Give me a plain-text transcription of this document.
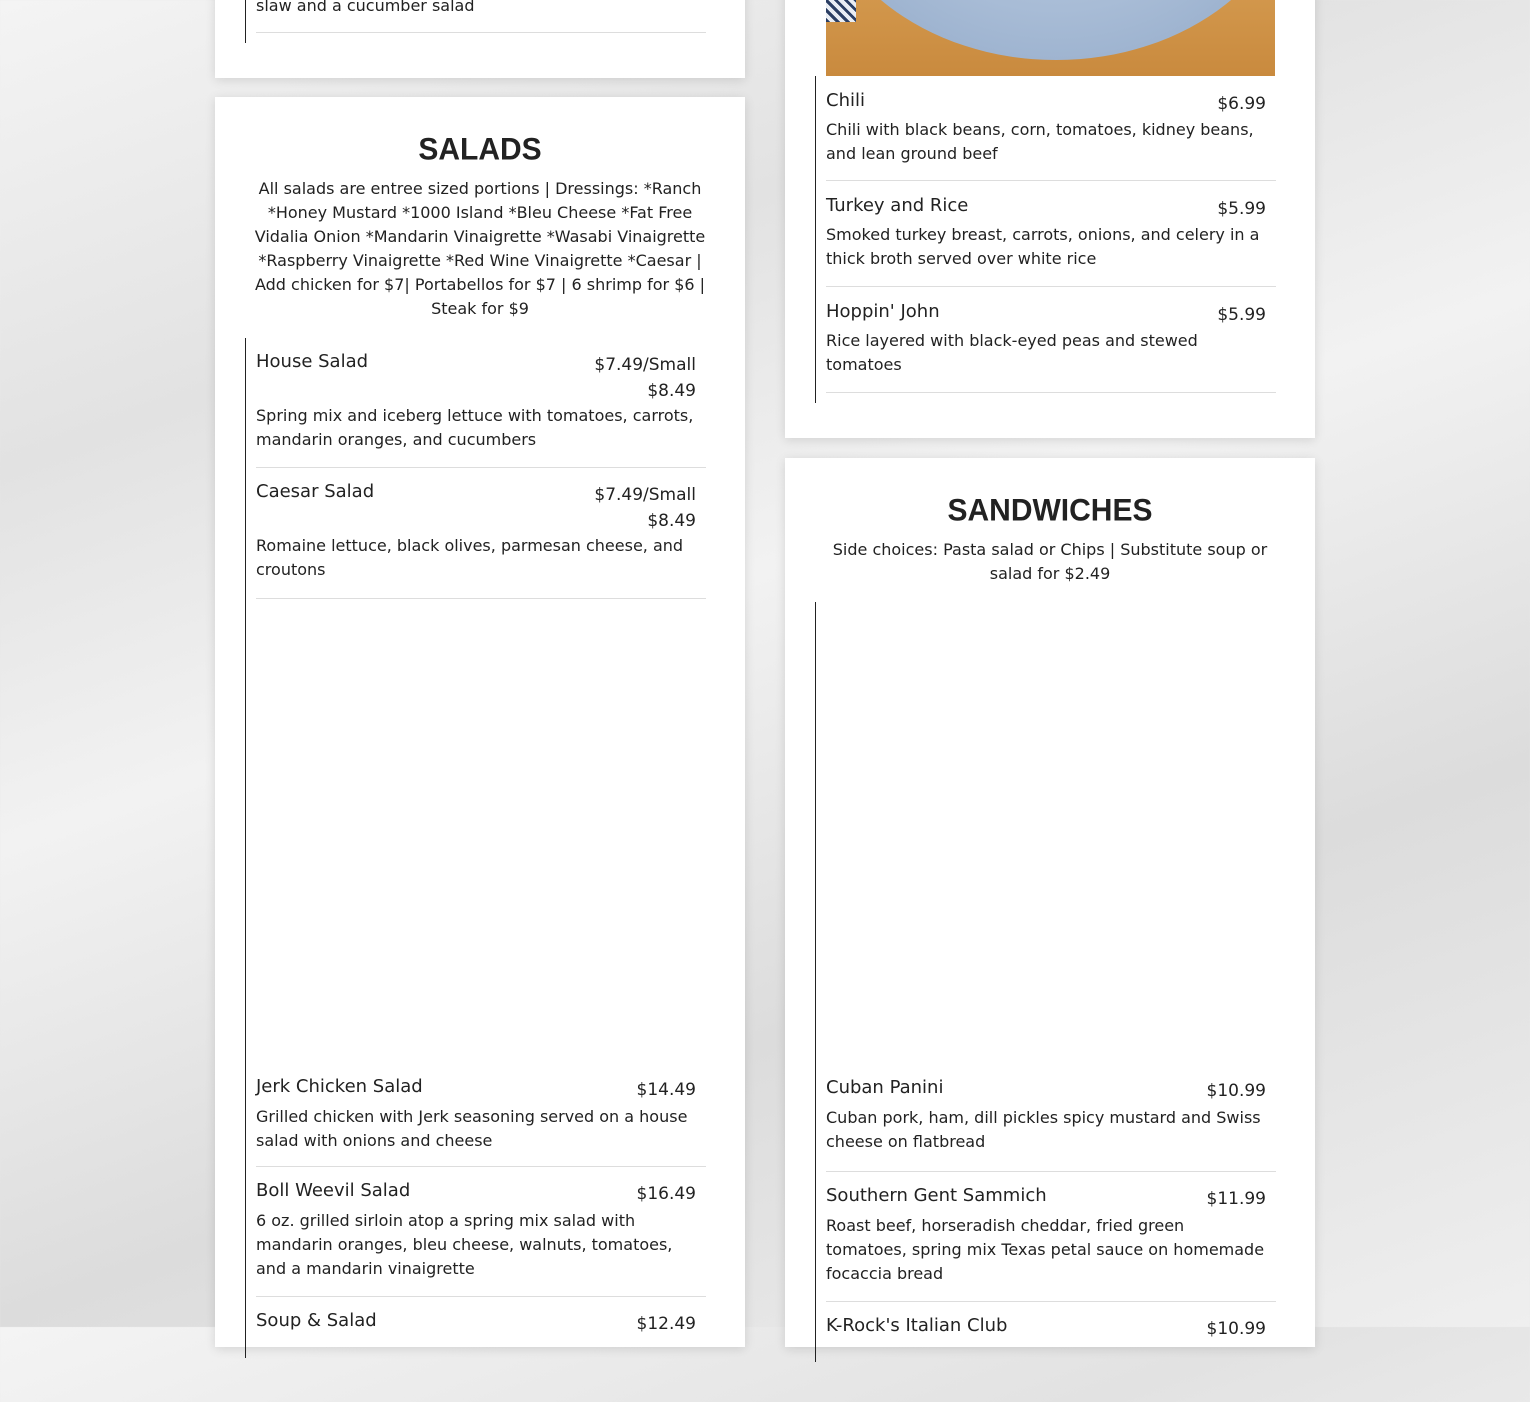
slaw and a cucumber salad
SALADS
All salads are entree sized portions | Dressings: *Ranch *Honey Mustard *1000 Island *Bleu Cheese *Fat Free Vidalia Onion *Mandarin Vinaigrette *Wasabi Vinaigrette *Raspberry Vinaigrette *Red Wine Vinaigrette *Caesar | Add chicken for $7| Portabellos for $7 | 6 shrimp for $6 | Steak for $9
House Salad	$7.49/Small $8.49
Spring mix and iceberg lettuce with tomatoes, carrots, mandarin oranges, and cucumbers
Caesar Salad	$7.49/Small $8.49
Romaine lettuce, black olives, parmesan cheese, and croutons
Jerk Chicken Salad	$14.49
Grilled chicken with Jerk seasoning served on a house salad with onions and cheese
Boll Weevil Salad	$16.49
6 oz. grilled sirloin atop a spring mix salad with mandarin oranges, bleu cheese, walnuts, tomatoes, and a mandarin vinaigrette
Soup & Salad	$12.49
Chili	$6.99
Chili with black beans, corn, tomatoes, kidney beans, and lean ground beef
Turkey and Rice	$5.99
Smoked turkey breast, carrots, onions, and celery in a thick broth served over white rice
Hoppin' John	$5.99
Rice layered with black-eyed peas and stewed tomatoes
SANDWICHES
Side choices: Pasta salad or Chips | Substitute soup or salad for $2.49
Cuban Panini	$10.99
Cuban pork, ham, dill pickles spicy mustard and Swiss cheese on flatbread
Southern Gent Sammich	$11.99
Roast beef, horseradish cheddar, fried green tomatoes, spring mix Texas petal sauce on homemade focaccia bread
K-Rock's Italian Club	$10.99
